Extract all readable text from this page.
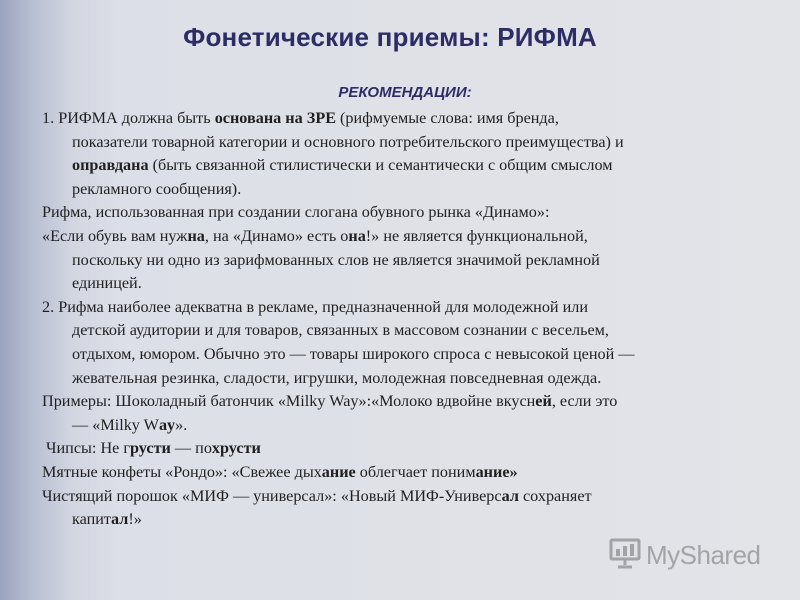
Фонетические приемы: РИФМА
РЕКОМЕНДАЦИИ:
1. РИФМА должна быть основана на ЗРЕ (рифмуемые слова: имя бренда,
показатели товарной категории и основного потребительского преимущества) и
оправдана (быть связанной стилистически и семантически с общим смыслом
рекламного сообщения).
Рифма, использованная при создании слогана обувного рынка «Динамо»:
«Если обувь вам нужна, на «Динамо» есть она!» не является функциональной,
поскольку ни одно из зарифмованных слов не является значимой рекламной
единицей.
2. Рифма наиболее адекватна в рекламе, предназначенной для молодежной или
детской аудитории и для товаров, связанных в массовом сознании с весельем,
отдыхом, юмором. Обычно это — товары широкого спроса с невысокой ценой —
жевательная резинка, сладости, игрушки, молодежная повседневная одежда.
Примеры: Шоколадный батончик «Milky Way»:«Молоко вдвойне вкусней, если это
— «Milky Way».
Чипсы: Не грусти — похрусти
Мятные конфеты «Рондо»: «Свежее дыхание облегчает понимание»
Чистящий порошок «МИФ — универсал»: «Новый МИФ-Универсал сохраняет
капитал!»
MyShared
